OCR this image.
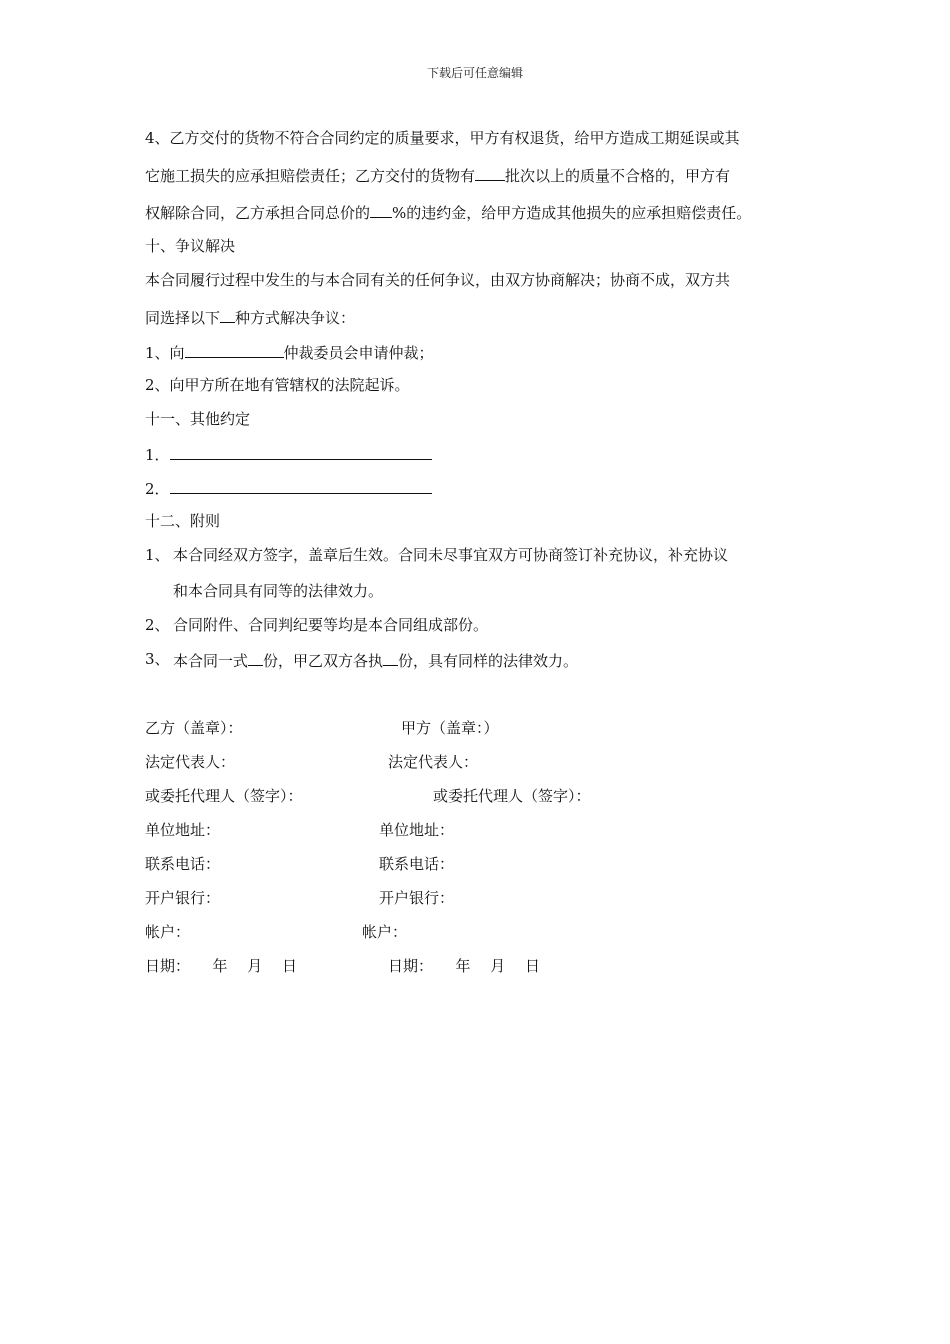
下载后可任意编辑
4、乙方交付的货物不符合合同约定的质量要求，甲方有权退货，给甲方造成工期延误或其
它施工损失的应承担赔偿责任；乙方交付的货物有 批次以上的质量不合格的，甲方有
权解除合同，乙方承担合同总价的 %的违约金，给甲方造成其他损失的应承担赔偿责任。
十、争议解决
本合同履行过程中发生的与本合同有关的任何争议，由双方协商解决；协商不成，双方共
同选择以下 种方式解决争议：
1、向	仲裁委员会申请仲裁；
2、向甲方所在地有管辖权的法院起诉。
十一、其他约定
1．
2．
十二、附则
1、 本合同经双方签字，盖章后生效。合同未尽事宜双方可协商签订补充协议，补充协议
和本合同具有同等的法律效力。
2、 合同附件、合同判纪要等均是本合同组成部份。
3、 本合同一式 份，甲乙双方各执 份，具有同样的法律效力。
乙方（盖章）：	甲方（盖章：）
法定代表人：	法定代表人：
或委托代理人（签字）：	或委托代理人（签字）：
单位地址：	单位地址：
联系电话：	联系电话：
开户银行：	开户银行：
帐户：	帐户：
日期：　　年　 月　 日	日期：　　年　 月　 日
